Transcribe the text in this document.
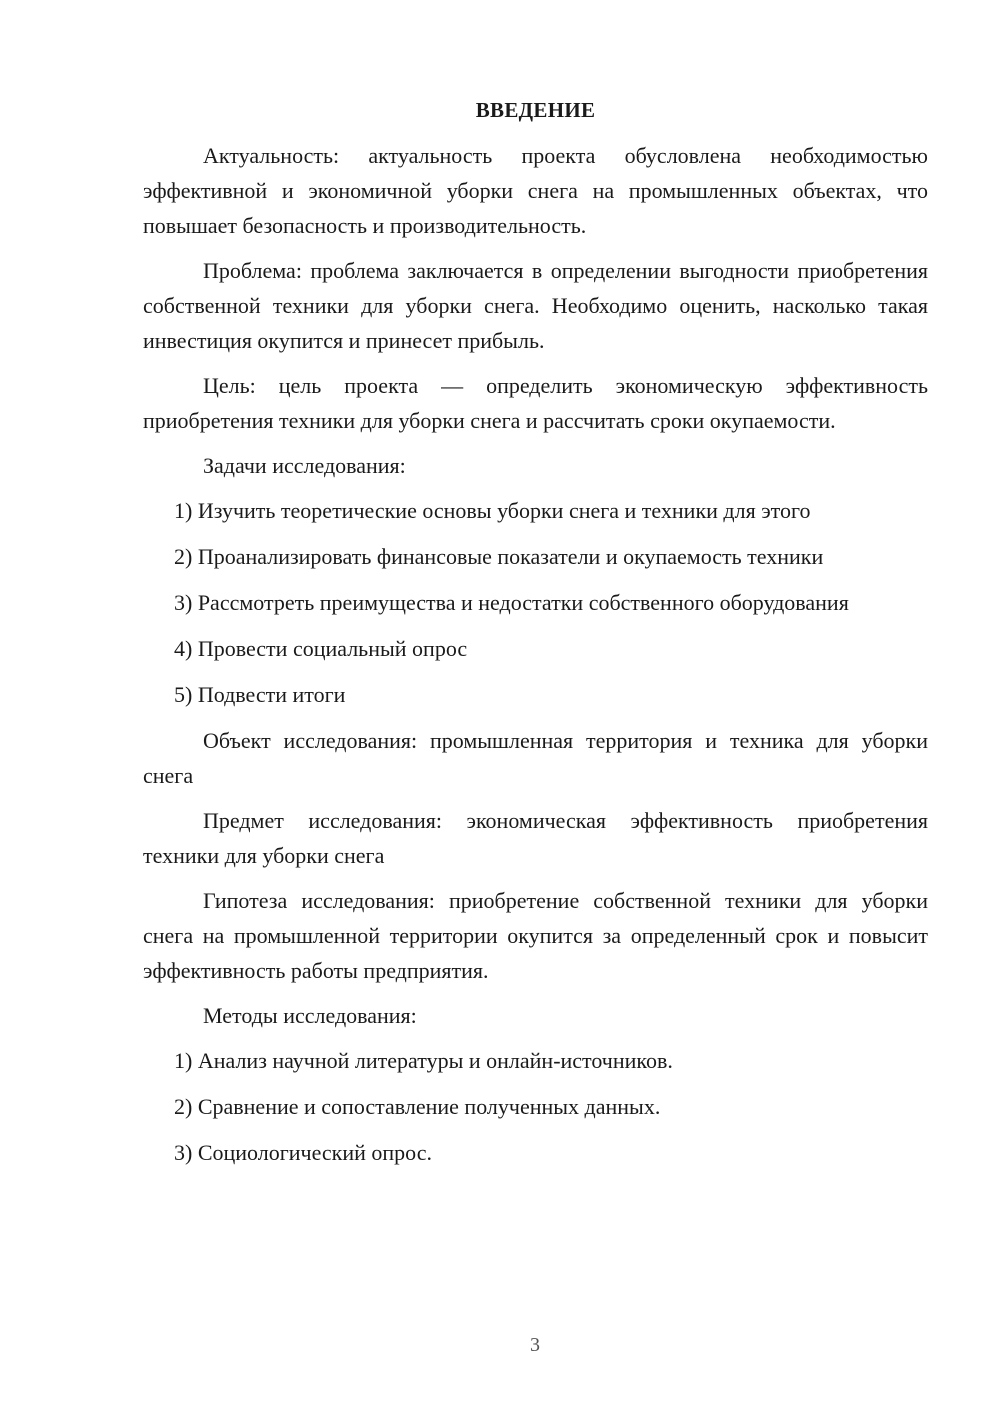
ВВЕДЕНИЕ

Актуальность: актуальность проекта обусловлена необходимостью эффективной и экономичной уборки снега на промышленных объектах, что повышает безопасность и производительность.

Проблема: проблема заключается в определении выгодности приобретения собственной техники для уборки снега. Необходимо оценить, насколько такая инвестиция окупится и принесет прибыль.

Цель: цель проекта — определить экономическую эффективность приобретения техники для уборки снега и рассчитать сроки окупаемости.

Задачи исследования:

1) Изучить теоретические основы уборки снега и техники для этого

2) Проанализировать финансовые показатели и окупаемость техники

3) Рассмотреть преимущества и недостатки собственного оборудования

4) Провести социальный опрос

5) Подвести итоги

Объект исследования: промышленная территория и техника для уборки снега

Предмет исследования: экономическая эффективность приобретения техники для уборки снега

Гипотеза исследования: приобретение собственной техники для уборки снега на промышленной территории окупится за определенный срок и повысит эффективность работы предприятия.

Методы исследования:

1) Анализ научной литературы и онлайн-источников.

2) Сравнение и сопоставление полученных данных.

3) Социологический опрос.

3
